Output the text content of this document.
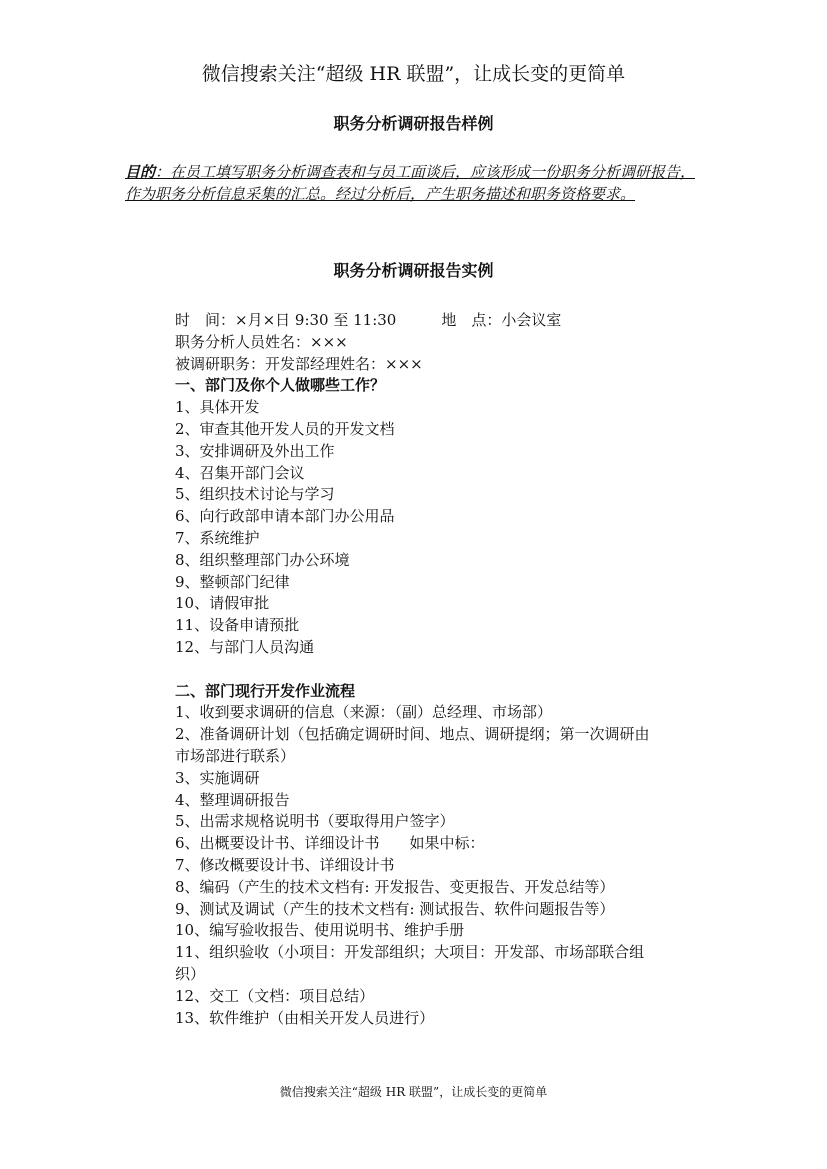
微信搜索关注“超级 HR 联盟”，让成长变的更简单
职务分析调研报告样例
目的：在员工填写职务分析调查表和与员工面谈后，应该形成一份职务分析调研报告，作为职务分析信息采集的汇总。经过分析后，产生职务描述和职务资格要求。
职务分析调研报告实例
时　间：×月×日 9:30 至 11:30　　　地　点：小会议室
职务分析人员姓名：×××
被调研职务：开发部经理姓名：×××
一、部门及你个人做哪些工作？
1、具体开发
2、审查其他开发人员的开发文档
3、安排调研及外出工作
4、召集开部门会议
5、组织技术讨论与学习
6、向行政部申请本部门办公用品
7、系统维护
8、组织整理部门办公环境
9、整顿部门纪律
10、请假审批
11、设备申请预批
12、与部门人员沟通
二、部门现行开发作业流程
1、收到要求调研的信息（来源：（副）总经理、市场部）
2、准备调研计划（包括确定调研时间、地点、调研提纲；第一次调研由市场部进行联系）
3、实施调研
4、整理调研报告
5、出需求规格说明书（要取得用户签字）
6、出概要设计书、详细设计书　　如果中标：
7、修改概要设计书、详细设计书
8、编码（产生的技术文档有: 开发报告、变更报告、开发总结等）
9、测试及调试（产生的技术文档有: 测试报告、软件问题报告等）
10、编写验收报告、使用说明书、维护手册
11、组织验收（小项目：开发部组织；大项目：开发部、市场部联合组织）
12、交工（文档：项目总结）
13、软件维护（由相关开发人员进行）
微信搜索关注“超级 HR 联盟”，让成长变的更简单
